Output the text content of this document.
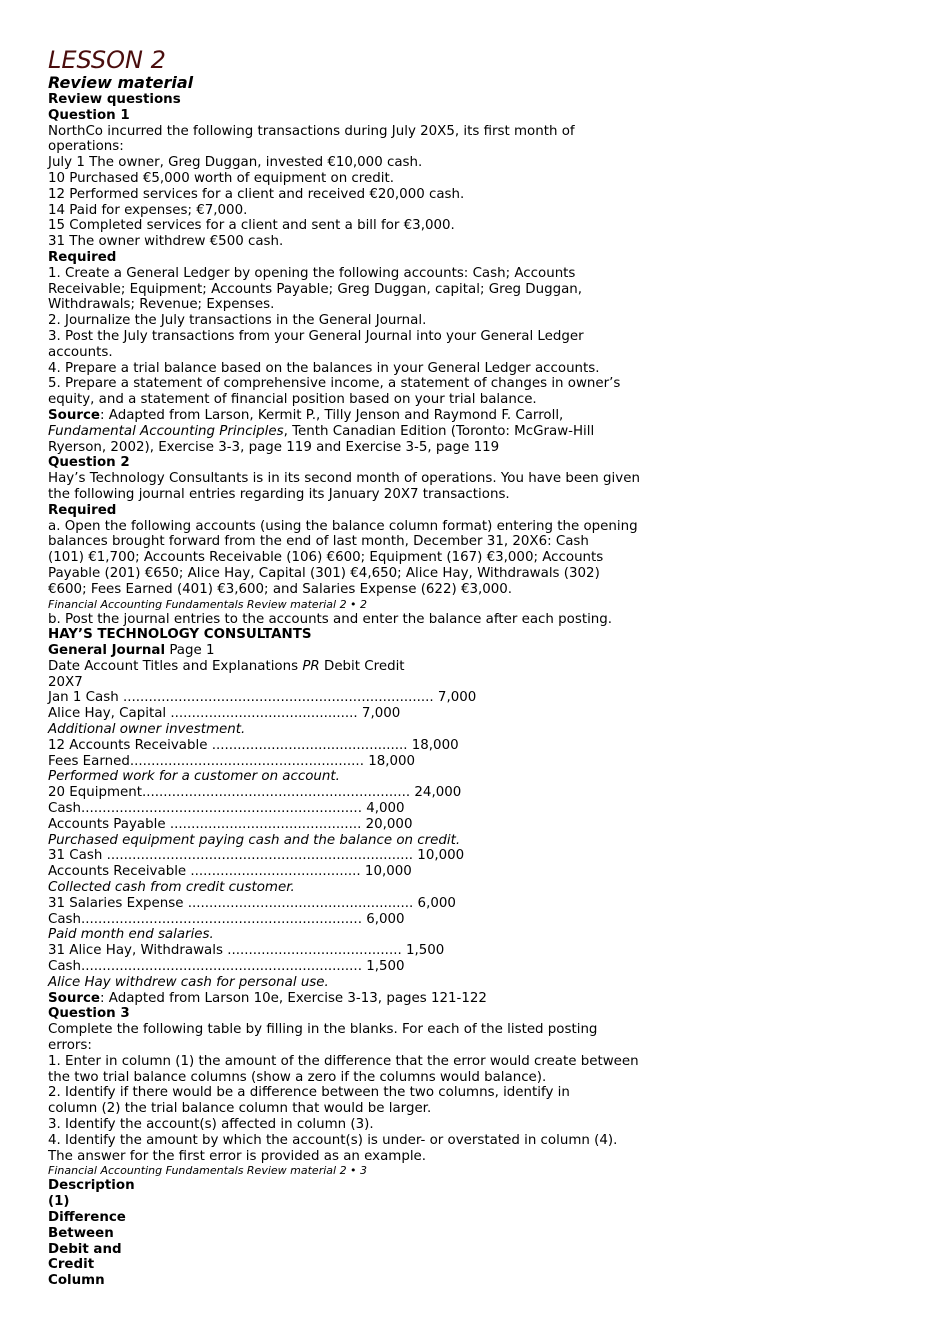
LESSON 2
Review material
Review questions
Question 1
NorthCo incurred the following transactions during July 20X5, its first month of
operations:
July 1 The owner, Greg Duggan, invested €10,000 cash.
10 Purchased €5,000 worth of equipment on credit.
12 Performed services for a client and received €20,000 cash.
14 Paid for expenses; €7,000.
15 Completed services for a client and sent a bill for €3,000.
31 The owner withdrew €500 cash.
Required
1. Create a General Ledger by opening the following accounts: Cash; Accounts
Receivable; Equipment; Accounts Payable; Greg Duggan, capital; Greg Duggan,
Withdrawals; Revenue; Expenses.
2. Journalize the July transactions in the General Journal.
3. Post the July transactions from your General Journal into your General Ledger
accounts.
4. Prepare a trial balance based on the balances in your General Ledger accounts.
5. Prepare a statement of comprehensive income, a statement of changes in owner’s
equity, and a statement of financial position based on your trial balance.
Source: Adapted from Larson, Kermit P., Tilly Jenson and Raymond F. Carroll,
Fundamental Accounting Principles, Tenth Canadian Edition (Toronto: McGraw-Hill
Ryerson, 2002), Exercise 3-3, page 119 and Exercise 3-5, page 119
Question 2
Hay’s Technology Consultants is in its second month of operations. You have been given
the following journal entries regarding its January 20X7 transactions.
Required
a. Open the following accounts (using the balance column format) entering the opening
balances brought forward from the end of last month, December 31, 20X6: Cash
(101) €1,700; Accounts Receivable (106) €600; Equipment (167) €3,000; Accounts
Payable (201) €650; Alice Hay, Capital (301) €4,650; Alice Hay, Withdrawals (302)
€600; Fees Earned (401) €3,600; and Salaries Expense (622) €3,000.
Financial Accounting Fundamentals Review material 2 • 2
b. Post the journal entries to the accounts and enter the balance after each posting.
HAY’S TECHNOLOGY CONSULTANTS
General Journal Page 1
Date Account Titles and Explanations PR Debit Credit
20X7
Jan 1 Cash ......................................................................... 7,000
Alice Hay, Capital ............................................ 7,000
Additional owner investment.
12 Accounts Receivable .............................................. 18,000
Fees Earned....................................................... 18,000
Performed work for a customer on account.
20 Equipment............................................................... 24,000
Cash.................................................................. 4,000
Accounts Payable ............................................. 20,000
Purchased equipment paying cash and the balance on credit.
31 Cash ........................................................................ 10,000
Accounts Receivable ........................................ 10,000
Collected cash from credit customer.
31 Salaries Expense ..................................................... 6,000
Cash.................................................................. 6,000
Paid month end salaries.
31 Alice Hay, Withdrawals ......................................... 1,500
Cash.................................................................. 1,500
Alice Hay withdrew cash for personal use.
Source: Adapted from Larson 10e, Exercise 3-13, pages 121-122
Question 3
Complete the following table by filling in the blanks. For each of the listed posting
errors:
1. Enter in column (1) the amount of the difference that the error would create between
the two trial balance columns (show a zero if the columns would balance).
2. Identify if there would be a difference between the two columns, identify in
column (2) the trial balance column that would be larger.
3. Identify the account(s) affected in column (3).
4. Identify the amount by which the account(s) is under- or overstated in column (4).
The answer for the first error is provided as an example.
Financial Accounting Fundamentals Review material 2 • 3
Description
(1)
Difference
Between
Debit and
Credit
Column
